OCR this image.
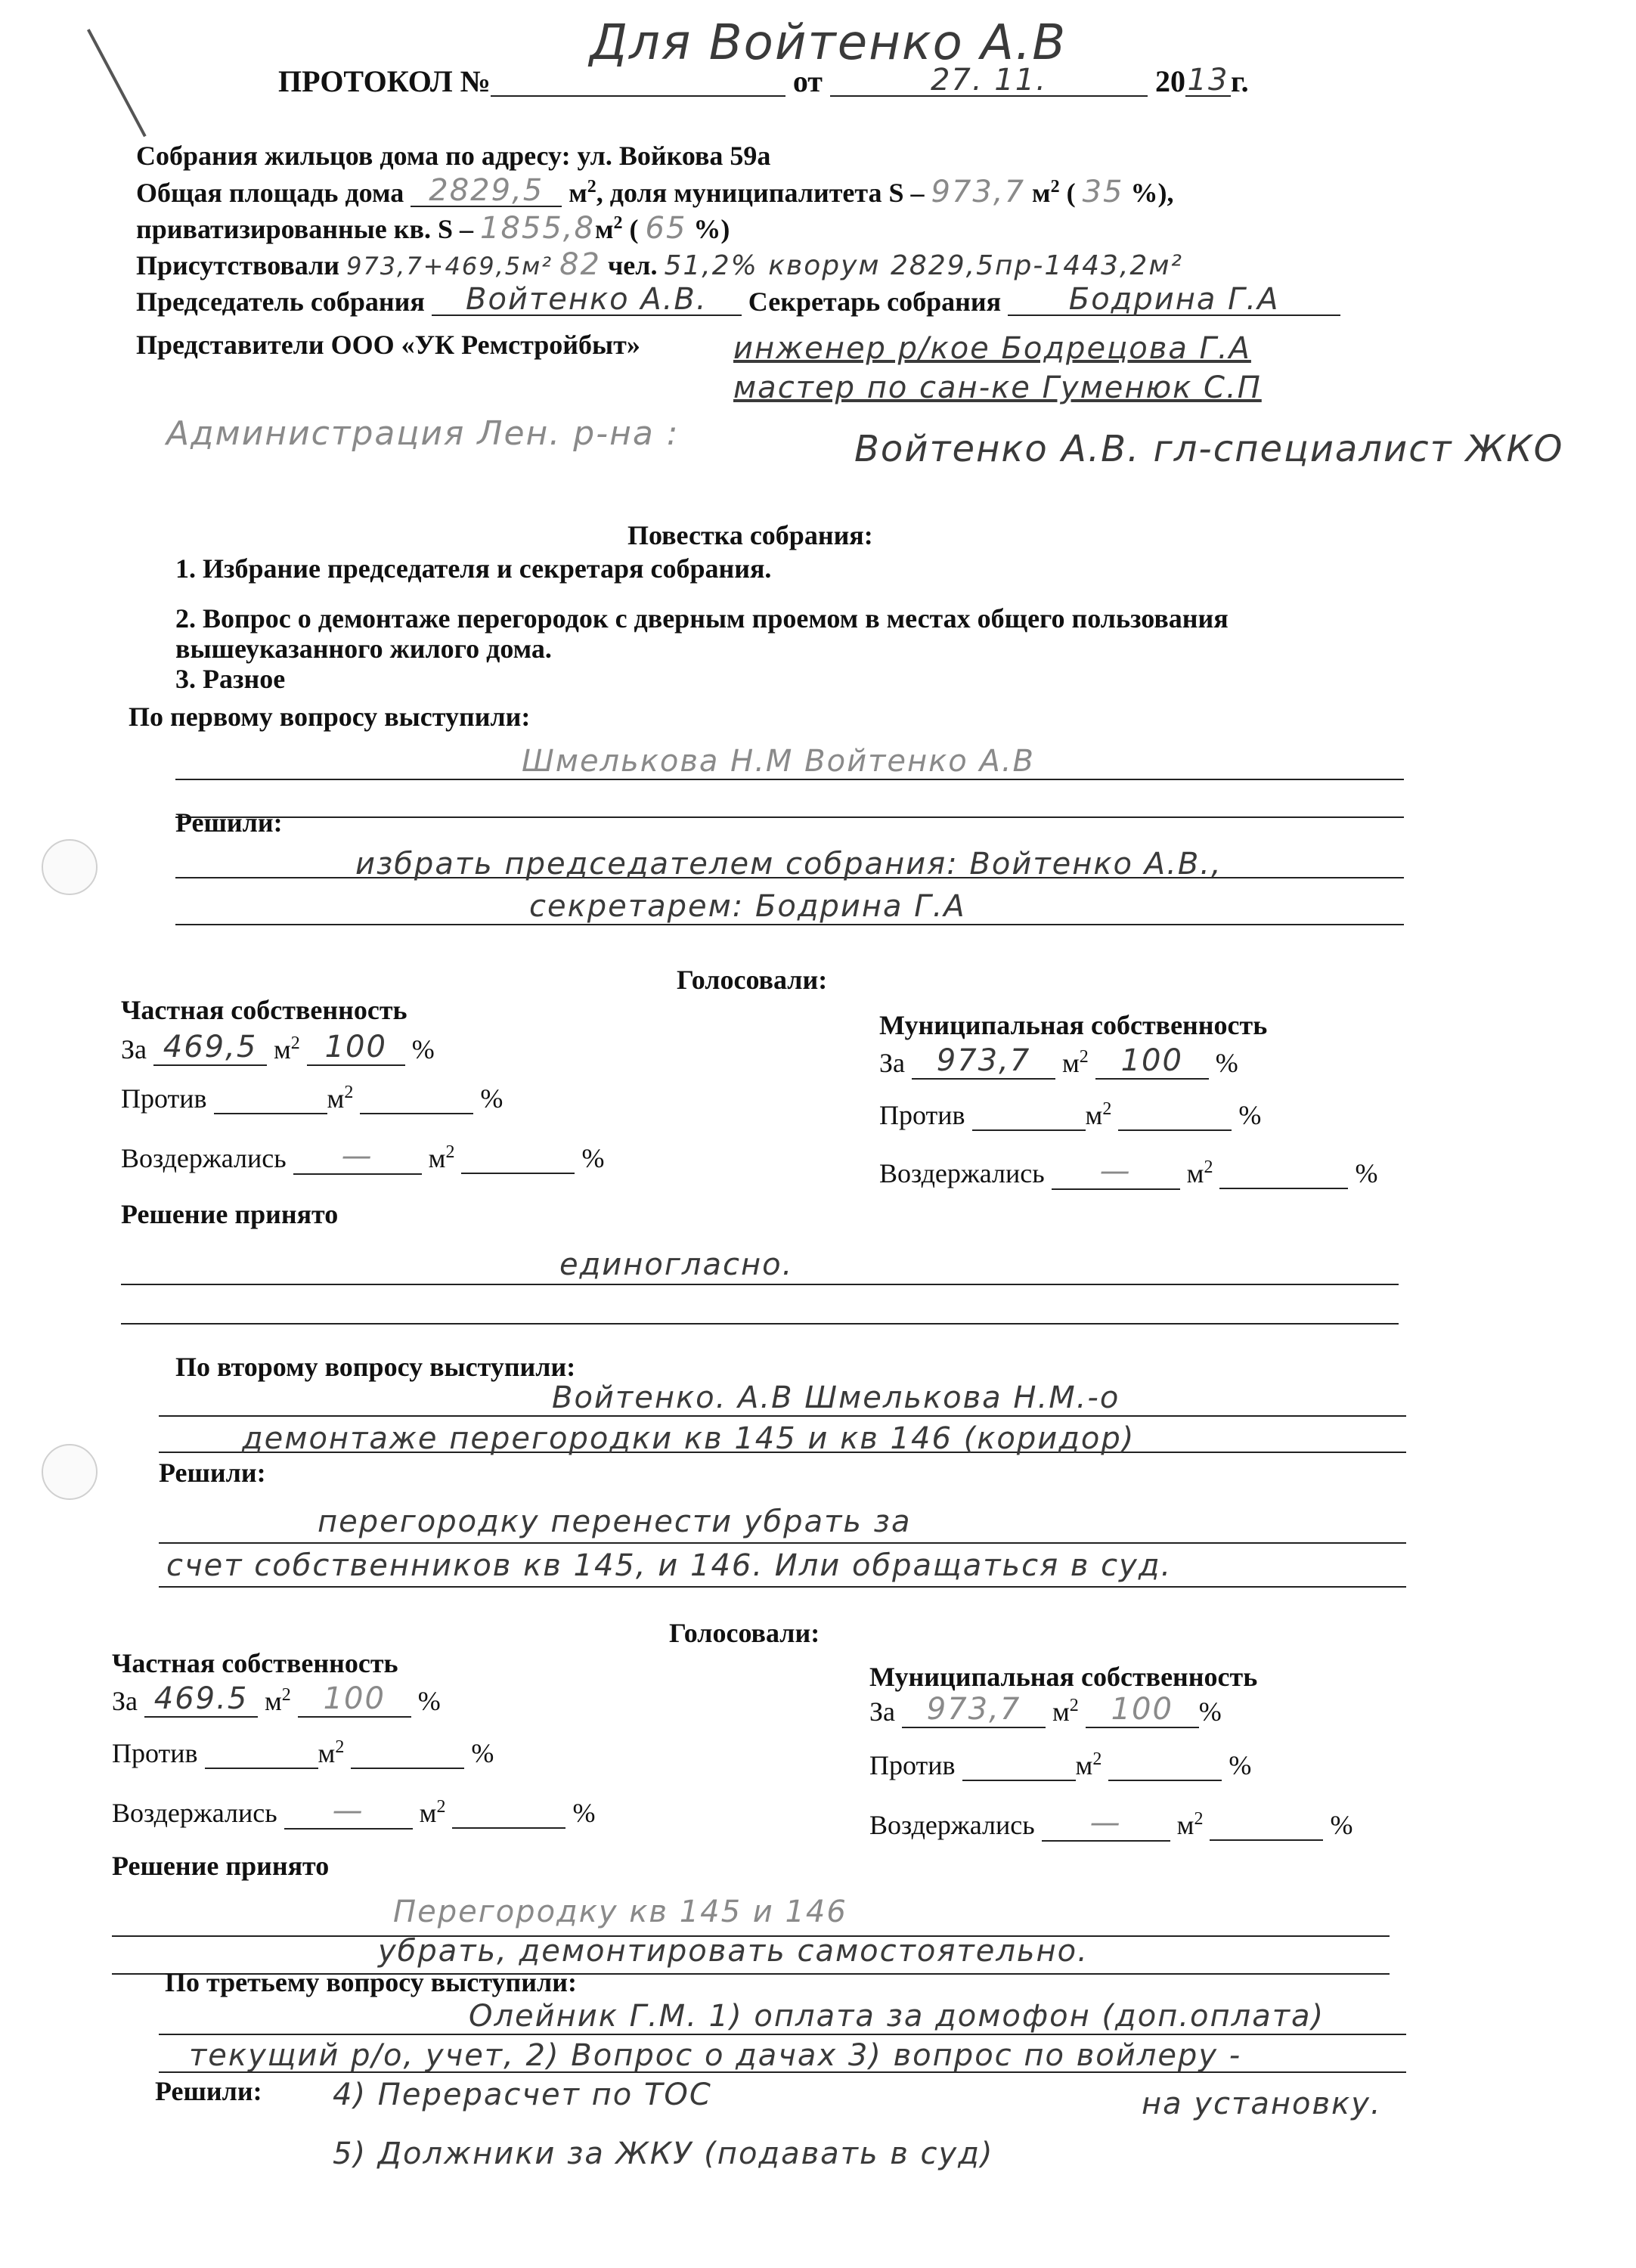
Для Войтенко А.В
ПРОТОКОЛ №	от	27. 11.	2013г.
Собрания жильцов дома по адресу: ул. Войкова 59а
Общая площадь дома 2829,5 $м^2$, доля муниципалитета S – 973,7 $м^2$ ( 35 %),
приватизированные кв. S – $1855,8м^2$ ( 65 %)
Присутствовали 973,7+469,5м² 82 чел. 51,2% кворум 2829,5пр-1443,2м²
Председатель собрания Войтенко А.В. Секретарь собрания Бодрина Г.А
Представители ООО «УК Ремстройбыт»	инженер р/кое Бодрецова Г.А
мастер по сан-ке Гуменюк С.П
Администрация Лен. р-на :	Войтенко А.В. гл-специалист ЖКО
Повестка собрания:
1. Избрание председателя и секретаря собрания.
2. Вопрос о демонтаже перегородок с дверным проемом в местах общего пользования
вышеуказанного жилого дома.
3. Разное
По первому вопросу выступили:
Шмелькова Н.М Войтенко А.В
Решили:
избрать председателем собрания: Войтенко А.В.,
секретарем: Бодрина Г.А
Голосовали:
Частная собственность
За 469,5 $м^2$ 100 %
Против	$м^2$	%
Воздержались — $м^2$	%
Муниципальная собственность
За 973,7 $м^2$ 100 %
Против	$м^2$	%
Воздержались — $м^2$	%
Решение принято
единогласно.
По второму вопросу выступили:
Войтенко. А.В Шмелькова Н.М.-о
демонтаже перегородки кв 145 и кв 146 (коридор)
Решили:
перегородку перенести убрать за
счет собственников кв 145, и 146. Или обращаться в суд.
Голосовали:
Частная собственность
За 469.5 $м^2$ 100 %
Против	$м^2$	%
Воздержались — $м^2$	%
Муниципальная собственность
За 973,7 $м^2$ 100 %
Против	$м^2$	%
Воздержались — $м^2$	%
Решение принято
Перегородку кв 145 и 146
убрать, демонтировать самостоятельно.
По третьему вопросу выступили:
Олейник Г.М. 1) оплата за домофон (доп.оплата)
текущий р/о, учет, 2) Вопрос о дачах 3) вопрос по войлеру -
Решили: 4) Перерасчет по ТОС	на установку.
5) Должники за ЖКУ (подавать в суд)
